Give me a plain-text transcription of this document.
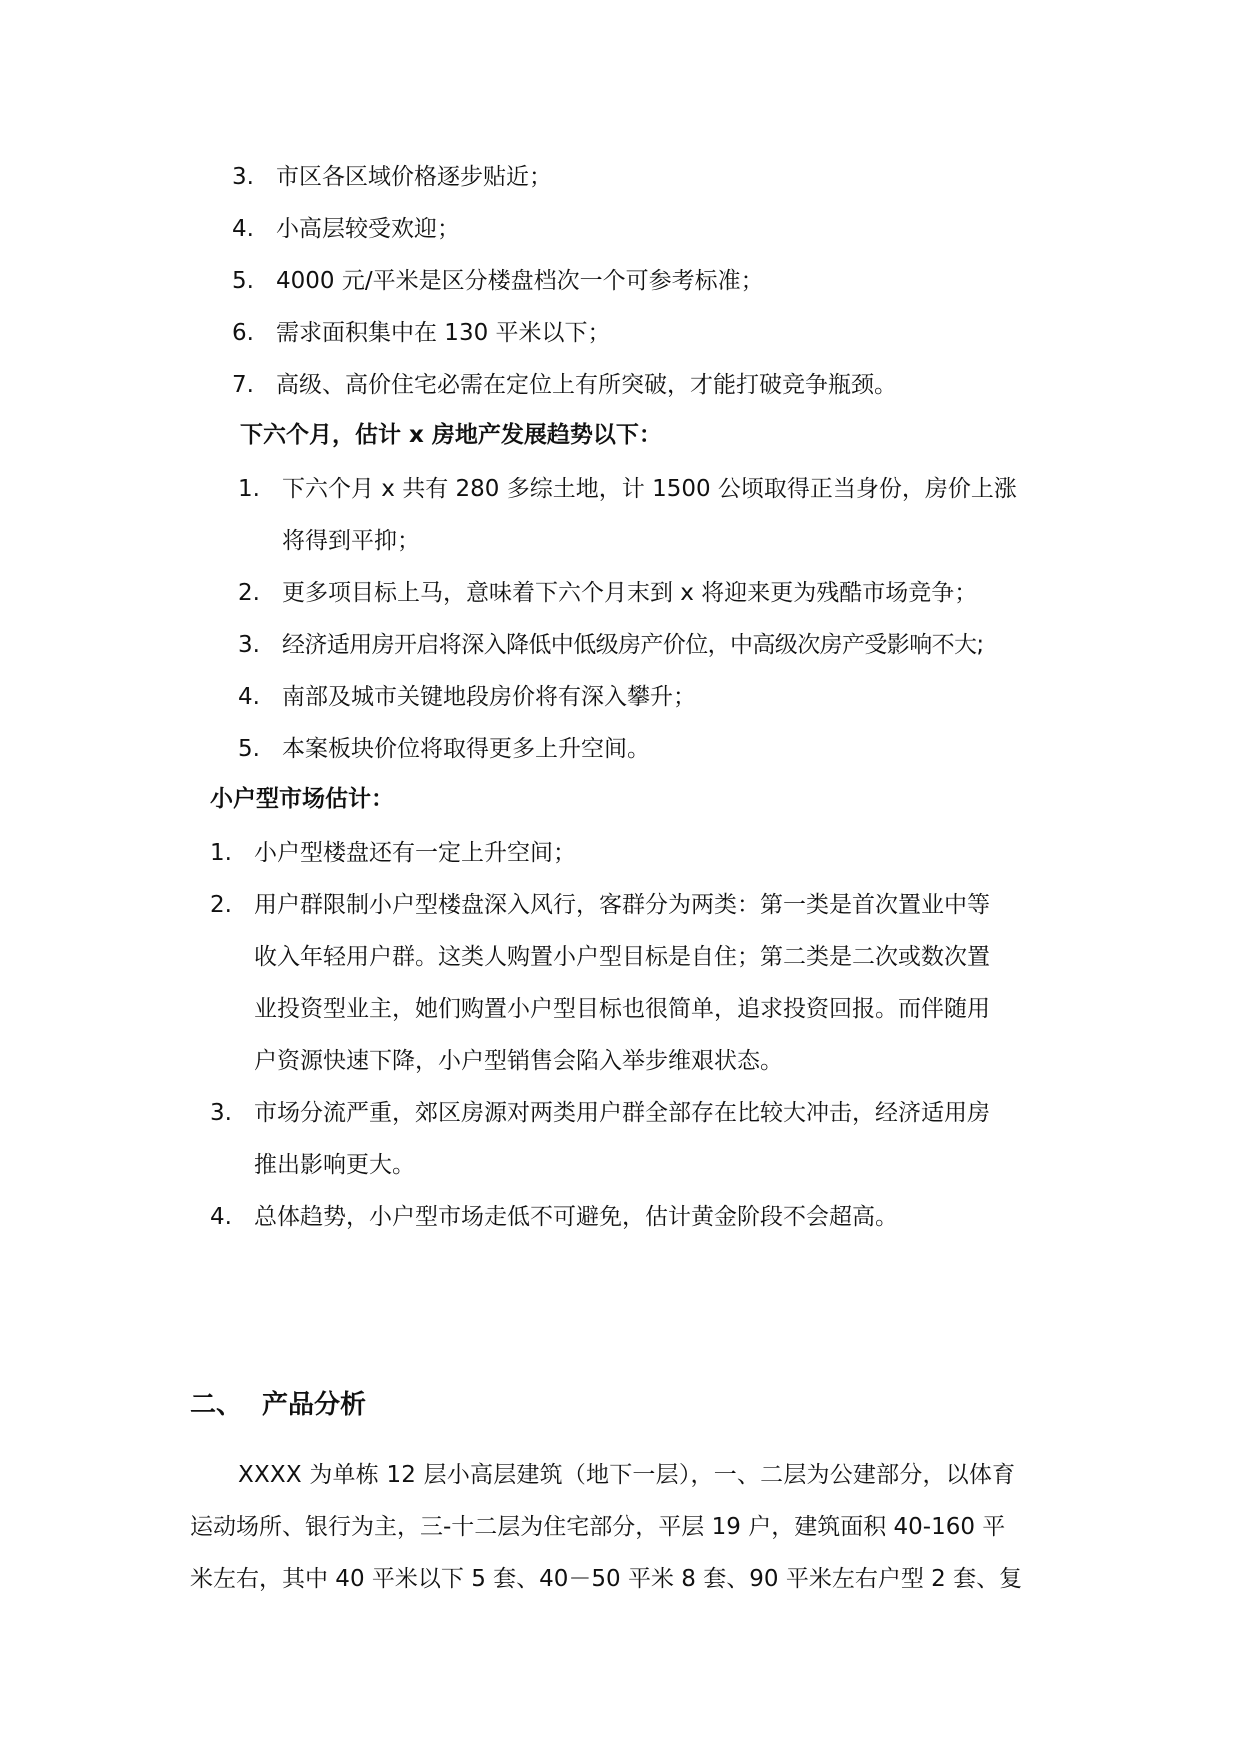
3. 市区各区域价格逐步贴近；
4. 小高层较受欢迎；
5. 4000 元/平米是区分楼盘档次一个可参考标准；
6. 需求面积集中在 130 平米以下；
7. 高级、高价住宅必需在定位上有所突破，才能打破竞争瓶颈。
下六个月，估计 x 房地产发展趋势以下：
1. 下六个月 x 共有 280 多综土地，计 1500 公顷取得正当身份，房价上涨
将得到平抑；
2. 更多项目标上马，意味着下六个月末到 x 将迎来更为残酷市场竞争；
3. 经济适用房开启将深入降低中低级房产价位，中高级次房产受影响不大;
4. 南部及城市关键地段房价将有深入攀升；
5. 本案板块价位将取得更多上升空间。
小户型市场估计：
1. 小户型楼盘还有一定上升空间；
2. 用户群限制小户型楼盘深入风行，客群分为两类：第一类是首次置业中等
收入年轻用户群。这类人购置小户型目标是自住；第二类是二次或数次置
业投资型业主，她们购置小户型目标也很简单，追求投资回报。而伴随用
户资源快速下降，小户型销售会陷入举步维艰状态。
3. 市场分流严重，郊区房源对两类用户群全部存在比较大冲击，经济适用房
推出影响更大。
4. 总体趋势，小户型市场走低不可避免，估计黄金阶段不会超高。
二、 产品分析
XXXX 为单栋 12 层小高层建筑（地下一层），一、二层为公建部分，以体育
运动场所、银行为主，三-十二层为住宅部分，平层 19 户，建筑面积 40-160 平
米左右，其中 40 平米以下 5 套、40－50 平米 8 套、90 平米左右户型 2 套、复
